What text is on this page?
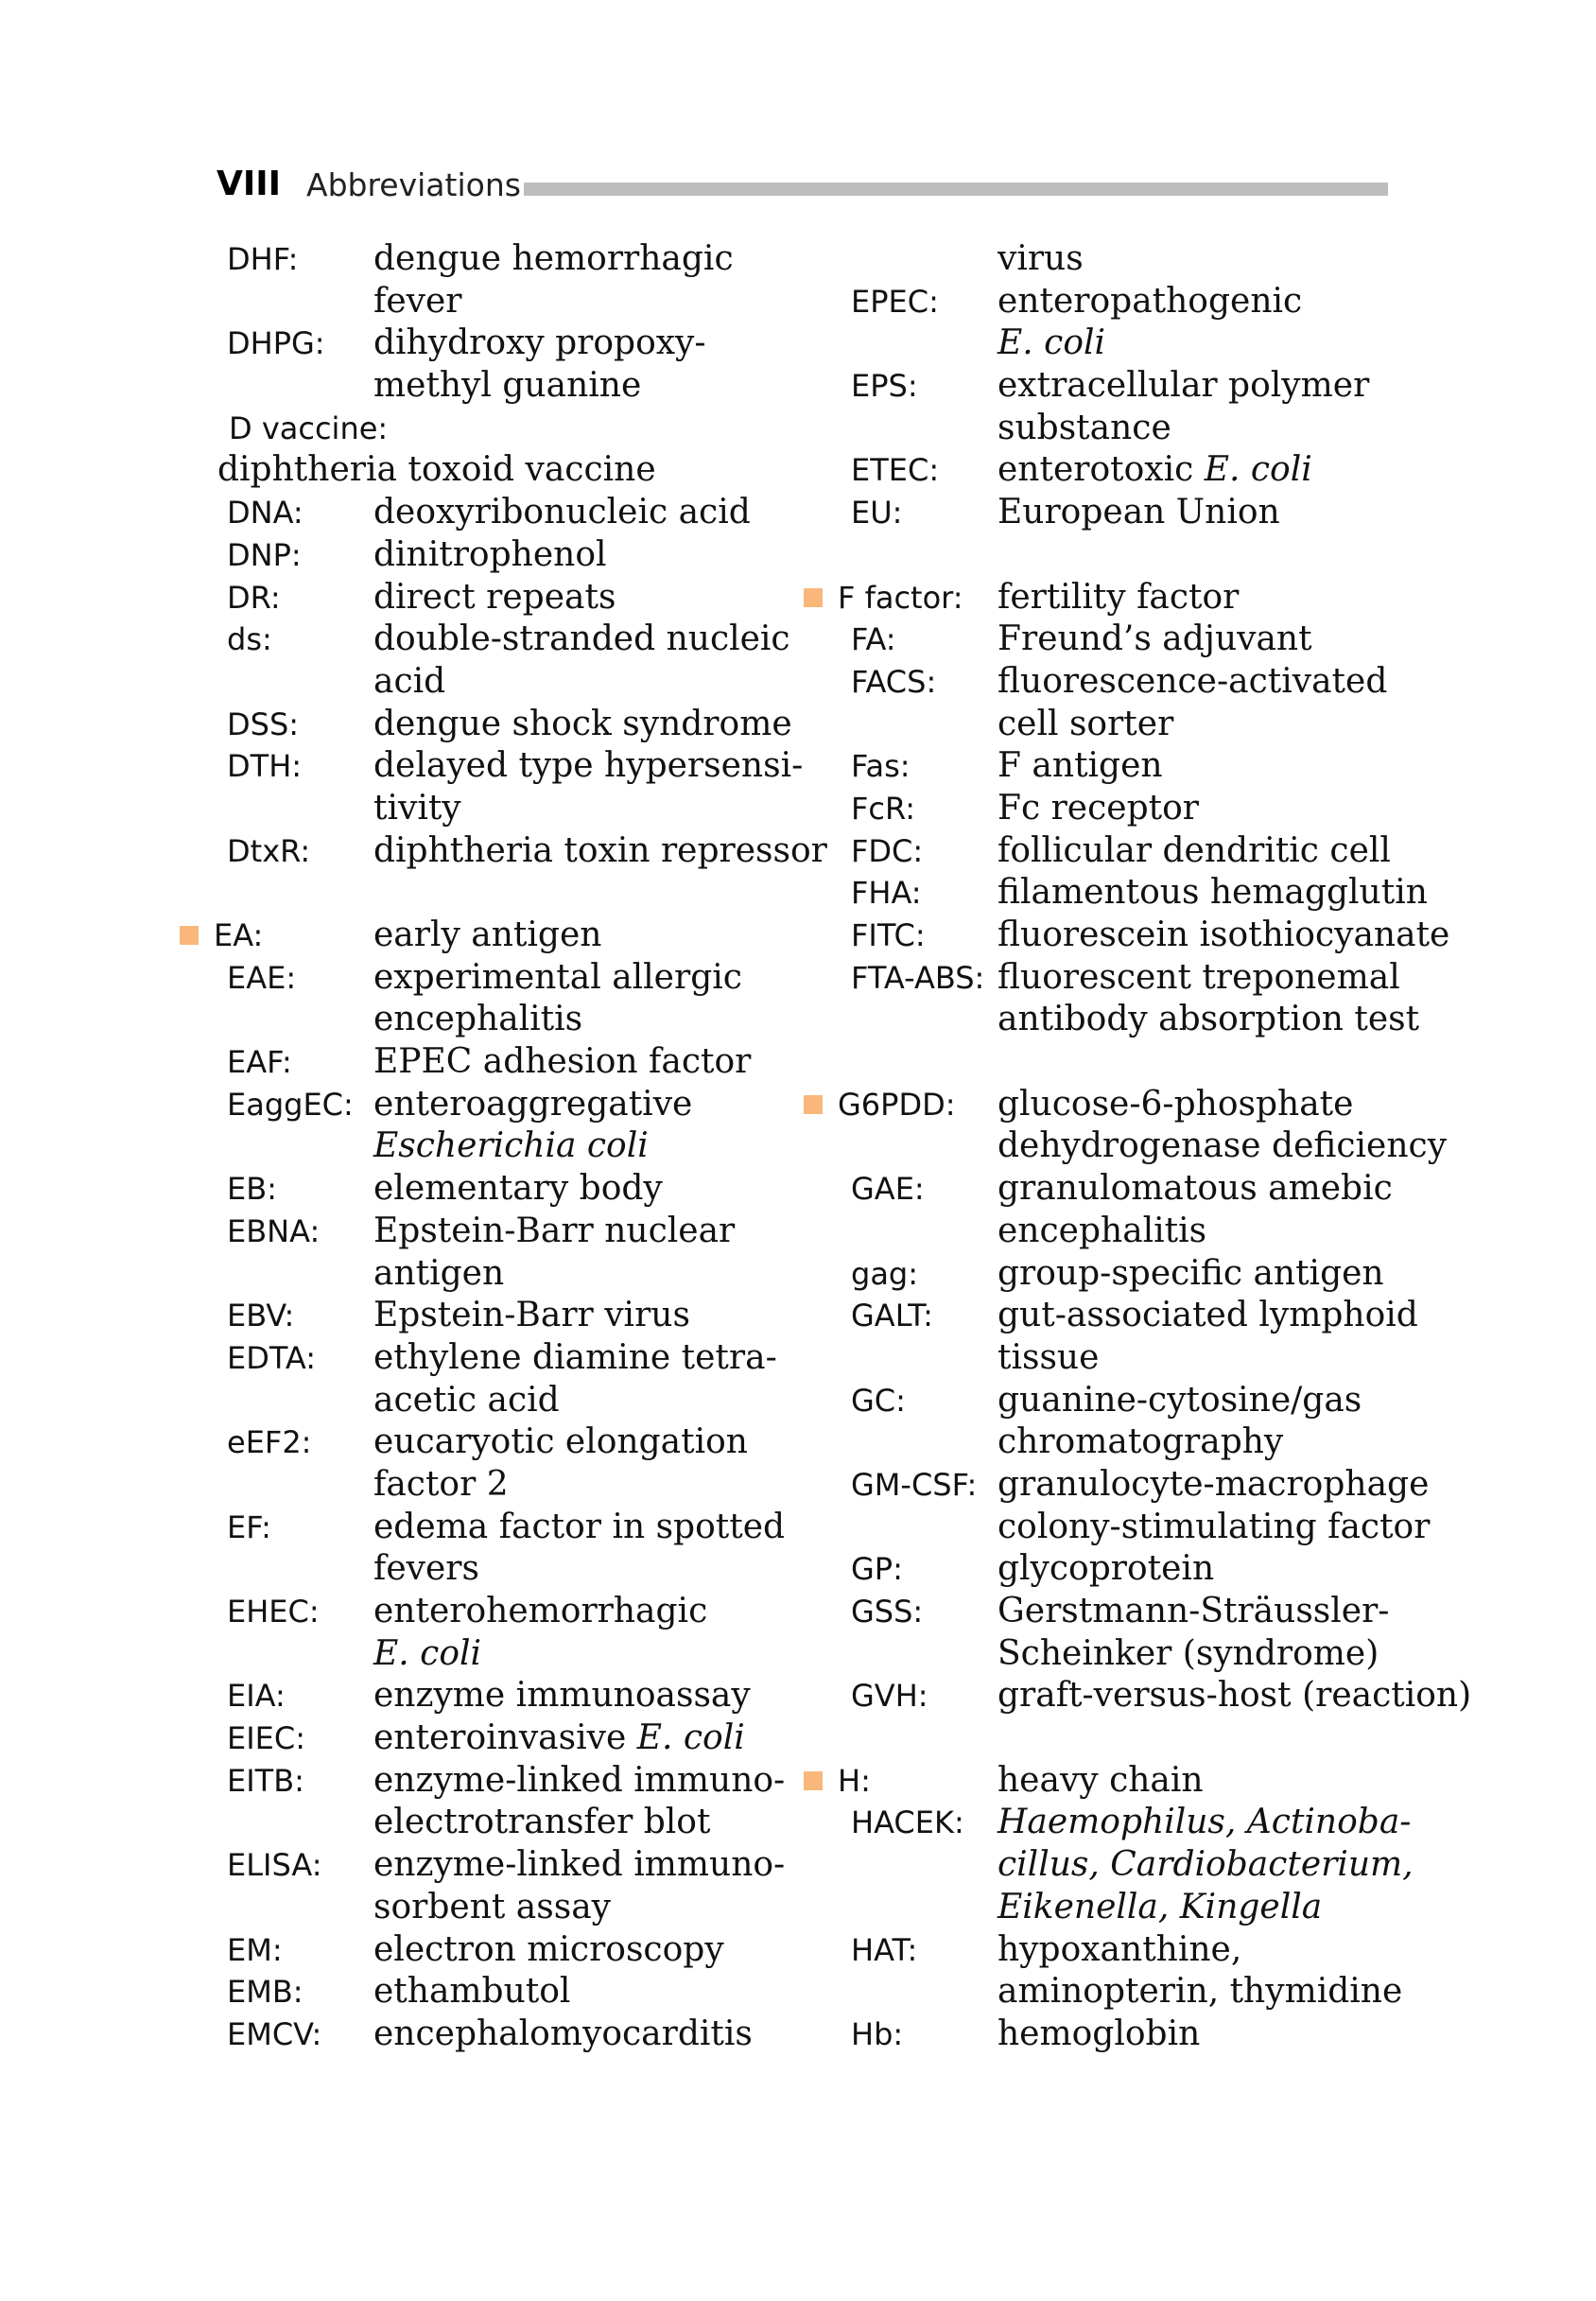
VIII Abbreviations
DHF: dengue hemorrhagic
fever
DHPG: dihydroxy propoxy-
methyl guanine
D vaccine:
diphtheria toxoid vaccine
DNA: deoxyribonucleic acid
DNP: dinitrophenol
DR:	direct repeats
ds:	double-stranded nucleic
acid
DSS: dengue shock syndrome
DTH: delayed type hypersensi-
tivity
DtxR: diphtheria toxin repressor
EA:	early antigen
EAE: experimental allergic
encephalitis
EAF: EPEC adhesion factor
EaggEC: enteroaggregative
Escherichia coli
EB:	elementary body
EBNA: Epstein-Barr nuclear
antigen
EBV: Epstein-Barr virus
EDTA: ethylene diamine tetra-
acetic acid
eEF2: eucaryotic elongation
factor 2
EF:	edema factor in spotted
fevers
EHEC: enterohemorrhagic
E. coli
EIA:	enzyme immunoassay
EIEC: enteroinvasive E. coli
EITB: enzyme-linked immuno-
electrotransfer blot
ELISA: enzyme-linked immuno-
sorbent assay
EM:	electron microscopy
EMB: ethambutol
EMCV: encephalomyocarditis
virus
EPEC: enteropathogenic
E. coli
EPS: extracellular polymer
substance
ETEC: enterotoxic E. coli
EU:	European Union
F factor: fertility factor
FA:	Freund’s adjuvant
FACS: fluorescence-activated
cell sorter
Fas:	F antigen
FcR: Fc receptor
FDC: follicular dendritic cell
FHA: filamentous hemagglutin
FITC: fluorescein isothiocyanate
FTA-ABS: fluorescent treponemal
antibody absorption test
G6PDD: glucose-6-phosphate
dehydrogenase deficiency
GAE: granulomatous amebic
encephalitis
gag: group-specific antigen
GALT: gut-associated lymphoid
tissue
GC:	guanine-cytosine/gas
chromatography
GM-CSF: granulocyte-macrophage
colony-stimulating factor
GP:	glycoprotein
GSS: Gerstmann-Sträussler-
Scheinker (syndrome)
GVH: graft-versus-host (reaction)
H:	heavy chain
HACEK: Haemophilus, Actinoba-
cillus, Cardiobacterium,
Eikenella, Kingella
HAT: hypoxanthine,
aminopterin, thymidine
Hb:	hemoglobin
